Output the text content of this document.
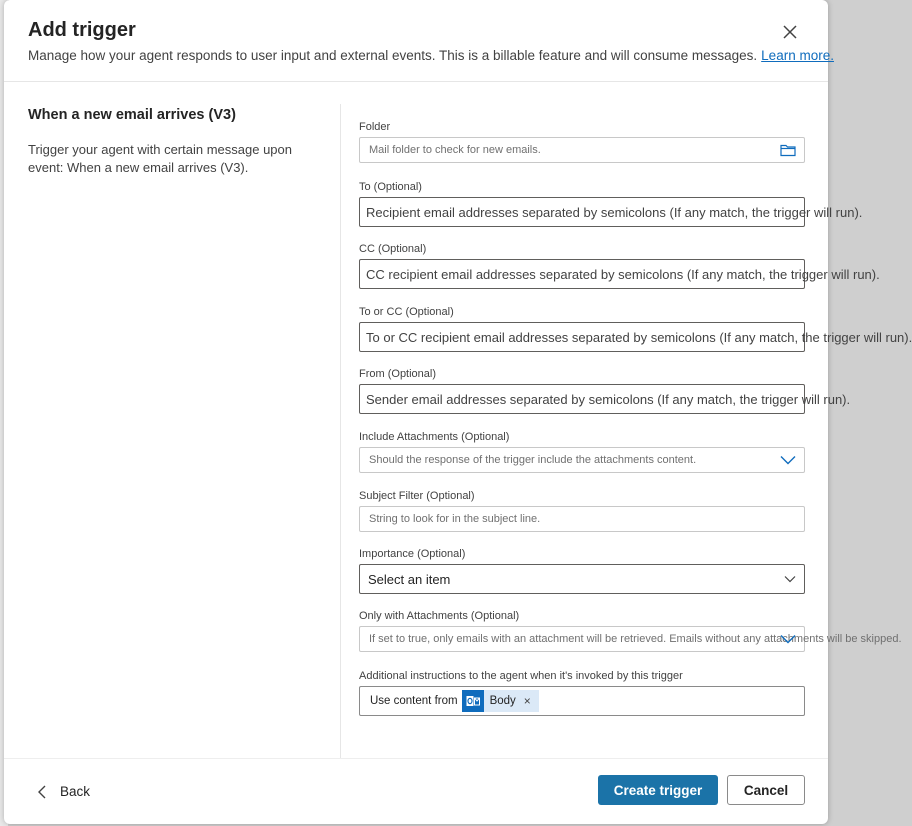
Add trigger
Manage how your agent responds to user input and external events. This is a billable feature and will consume messages. Learn more.
When a new email arrives (V3)
Trigger your agent with certain message upon event: When a new email arrives (V3).
Folder
Mail folder to check for new emails.
To (Optional)
Recipient email addresses separated by semicolons (If any match, the trigger will run).
CC (Optional)
CC recipient email addresses separated by semicolons (If any match, the trigger will run).
To or CC (Optional)
To or CC recipient email addresses separated by semicolons (If any match, the trigger will run).
From (Optional)
Sender email addresses separated by semicolons (If any match, the trigger will run).
Include Attachments (Optional)
Should the response of the trigger include the attachments content.
Subject Filter (Optional)
String to look for in the subject line.
Importance (Optional)
Select an item
Only with Attachments (Optional)
If set to true, only emails with an attachment will be retrieved. Emails without any attachments will be skipped.
Additional instructions to the agent when it's invoked by this trigger
Use content from	Body ×
Back	Create trigger	Cancel
